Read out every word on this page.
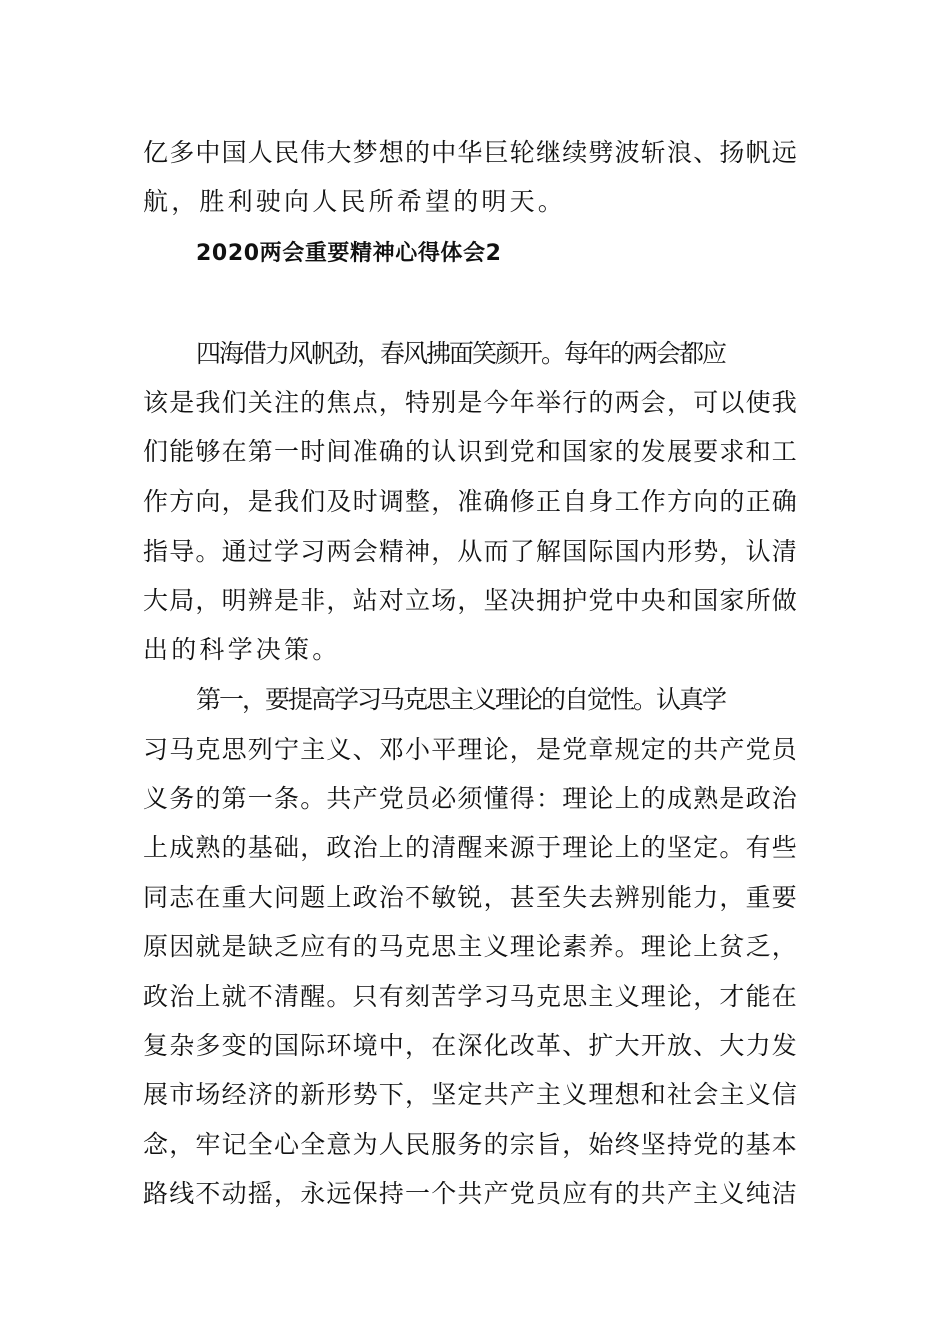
亿多中国人民伟大梦想的中华巨轮继续劈波斩浪、扬帆远
航，胜利驶向人民所希望的明天。
2020两会重要精神心得体会2
四海借力风帆劲，春风拂面笑颜开。每年的两会都应
该是我们关注的焦点，特别是今年举行的两会，可以使我
们能够在第一时间准确的认识到党和国家的发展要求和工
作方向，是我们及时调整，准确修正自身工作方向的正确
指导。通过学习两会精神，从而了解国际国内形势，认清
大局，明辨是非，站对立场，坚决拥护党中央和国家所做
出的科学决策。
第一，要提高学习马克思主义理论的自觉性。认真学
习马克思列宁主义、邓小平理论，是党章规定的共产党员
义务的第一条。共产党员必须懂得：理论上的成熟是政治
上成熟的基础，政治上的清醒来源于理论上的坚定。有些
同志在重大问题上政治不敏锐，甚至失去辨别能力，重要
原因就是缺乏应有的马克思主义理论素养。理论上贫乏，
政治上就不清醒。只有刻苦学习马克思主义理论，才能在
复杂多变的国际环境中，在深化改革、扩大开放、大力发
展市场经济的新形势下，坚定共产主义理想和社会主义信
念，牢记全心全意为人民服务的宗旨，始终坚持党的基本
路线不动摇，永远保持一个共产党员应有的共产主义纯洁
